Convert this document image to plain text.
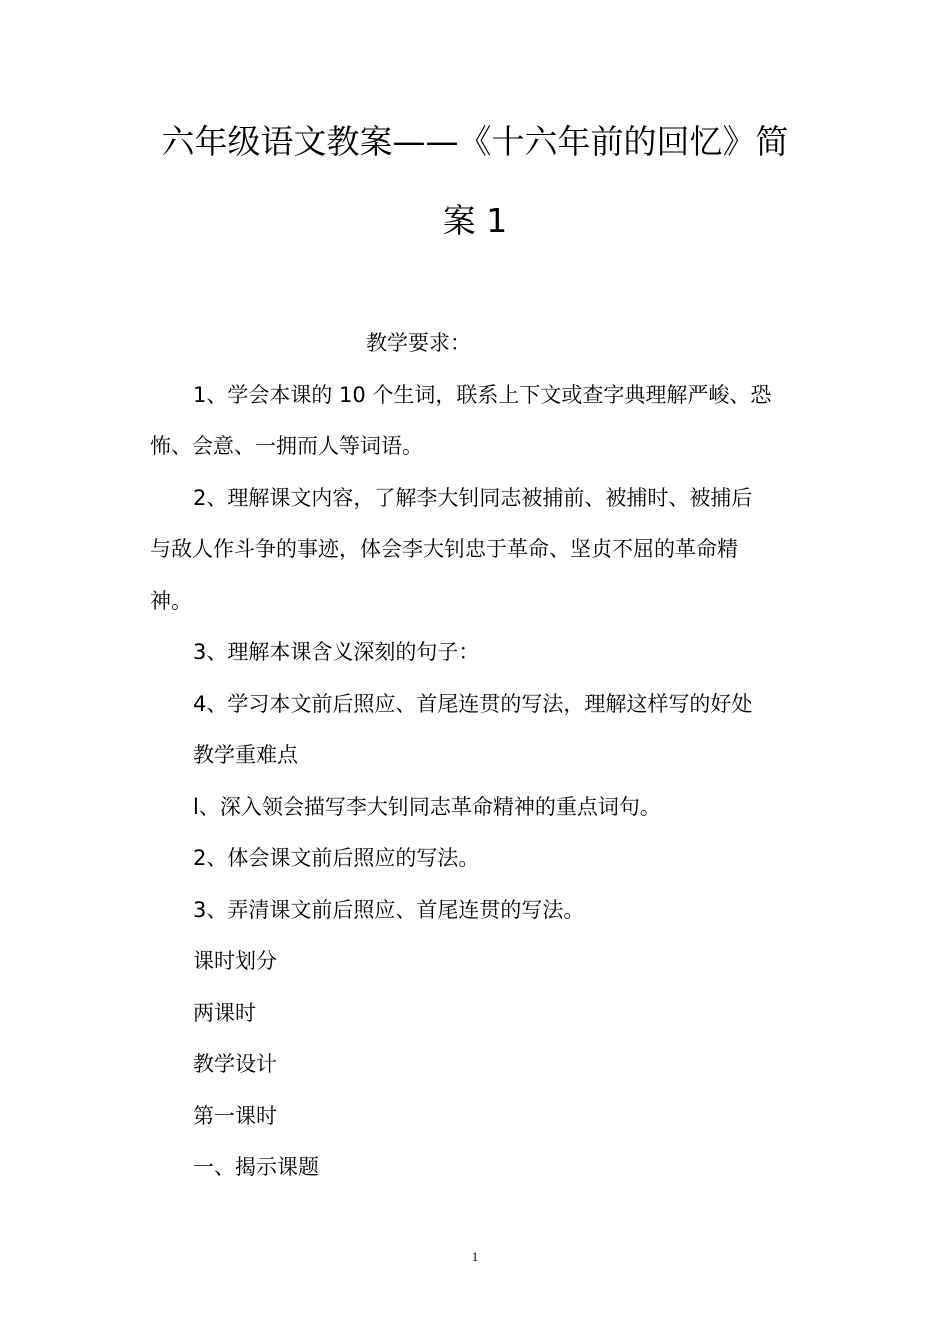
六年级语文教案——《十六年前的回忆》简
案 1
教学要求：
1、学会本课的 10 个生词，联系上下文或查字典理解严峻、恐
怖、会意、一拥而人等词语。
2、理解课文内容，了解李大钊同志被捕前、被捕时、被捕后
与敌人作斗争的事迹，体会李大钊忠于革命、坚贞不屈的革命精
神。
3、理解本课含义深刻的句子：
4、学习本文前后照应、首尾连贯的写法，理解这样写的好处
教学重难点
l、深入领会描写李大钊同志革命精神的重点词句。
2、体会课文前后照应的写法。
3、弄清课文前后照应、首尾连贯的写法。
课时划分
两课时
教学设计
第一课时
一、揭示课题
1
